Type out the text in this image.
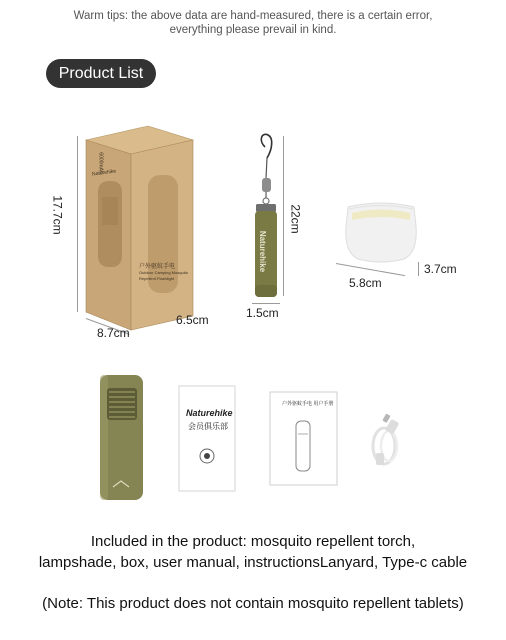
Warm tips: the above data are hand-measured, there is a certain error,
everything please prevail in kind.
Product List
Naturehike
6000mAh
户外驱蚊手电
Outdoor Camping Mosquito
Repellent Flashlight
17.7cm
8.7cm
6.5cm
Naturehike
22cm
1.5cm
5.8cm
3.7cm
Naturehike
会员俱乐部
户外驱蚊手电 用户手册
Included in the product: mosquito repellent torch,
lampshade, box, user manual, instructionsLanyard, Type-c cable
(Note: This product does not contain mosquito repellent tablets)
